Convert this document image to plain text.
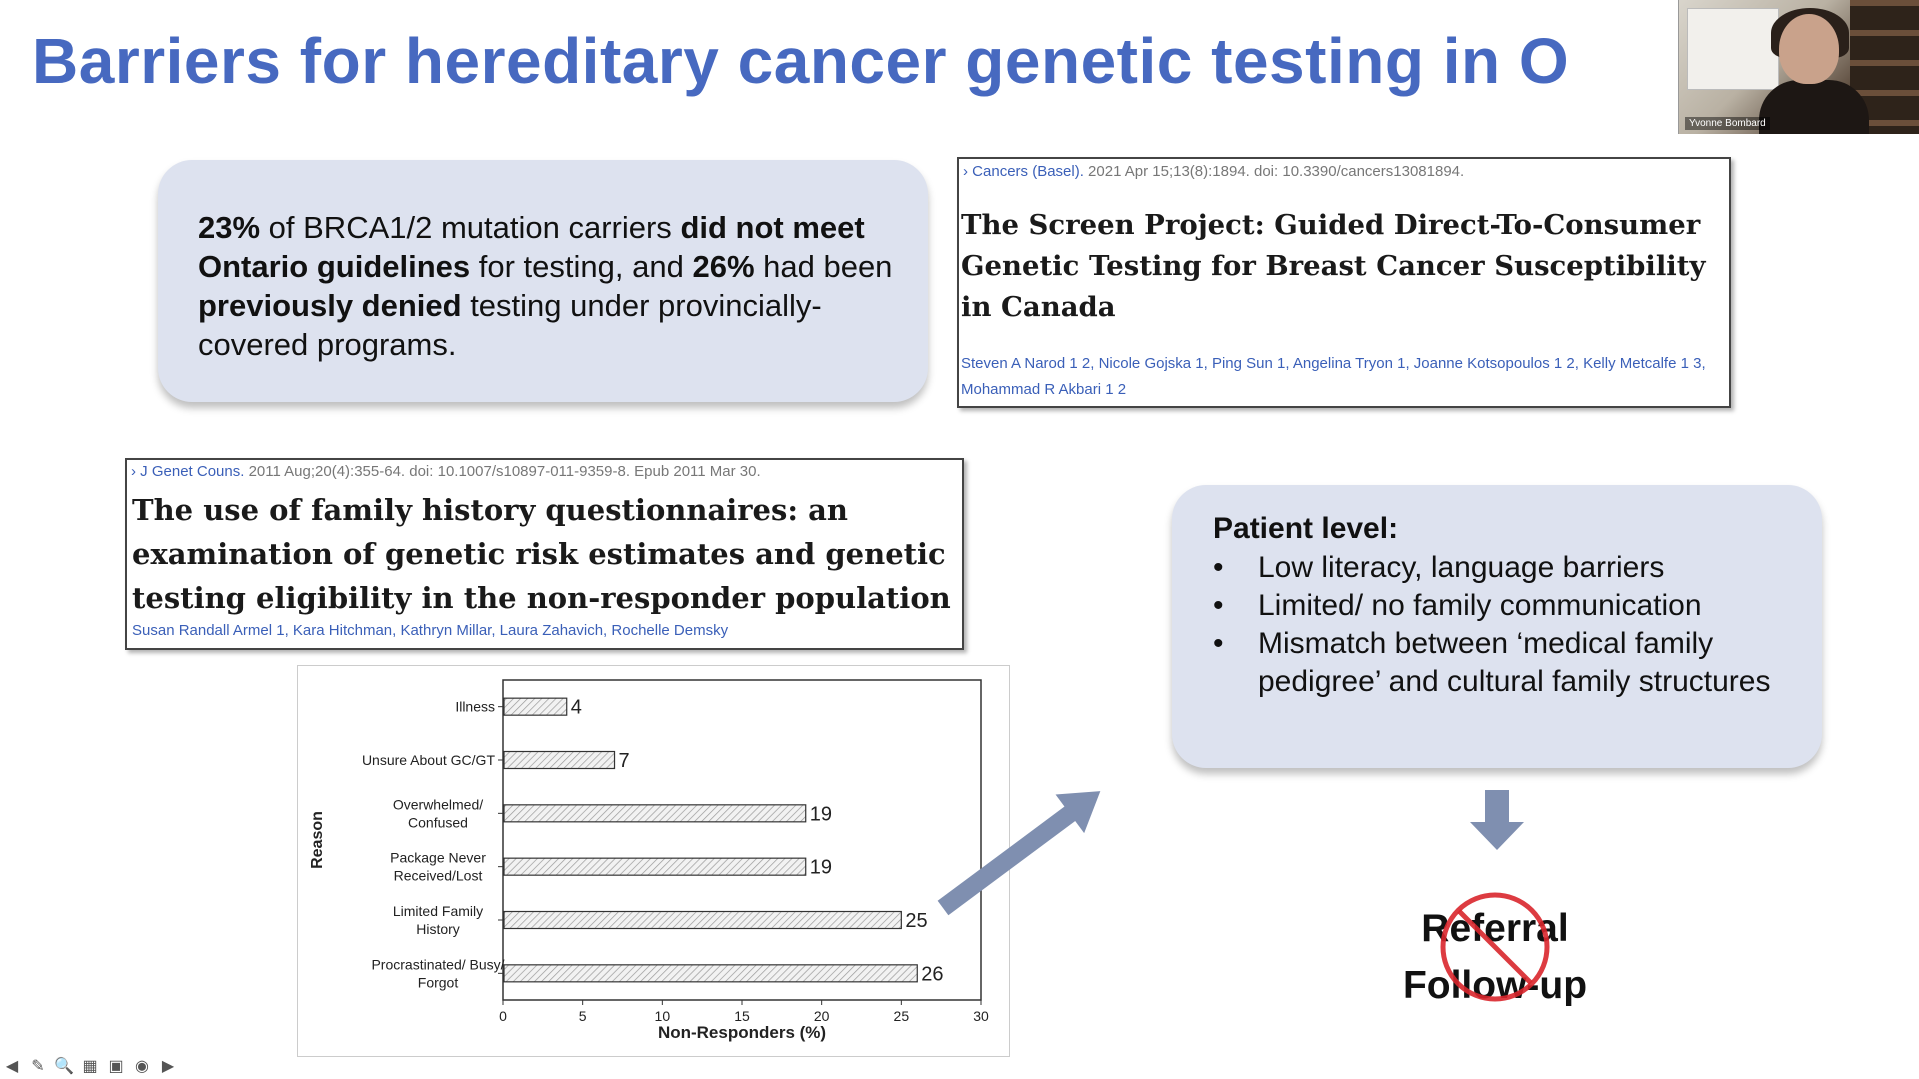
Barriers for hereditary cancer genetic testing in O
Yvonne Bombard

23% of BRCA1/2 mutation carriers did not meet Ontario guidelines for testing, and 26% had been previously denied testing under provincially-covered programs.

› Cancers (Basel). 2021 Apr 15;13(8):1894. doi: 10.3390/cancers13081894.
The Screen Project: Guided Direct-To-Consumer Genetic Testing for Breast Cancer Susceptibility in Canada
Steven A Narod 1 2, Nicole Gojska 1, Ping Sun 1, Angelina Tryon 1, Joanne Kotsopoulos 1 2, Kelly Metcalfe 1 3, Mohammad R Akbari 1 2
› J Genet Couns. 2011 Aug;20(4):355-64. doi: 10.1007/s10897-011-9359-8. Epub 2011 Mar 30.
The use of family history questionnaires: an examination of genetic risk estimates and genetic testing eligibility in the non-responder population
Susan Randall Armel 1, Kara Hitchman, Kathryn Millar, Laura Zahavich, Rochelle Demsky
4
7
19
19
25
26
Illness
Unsure About GC/GT
Overwhelmed/ Confused
Package Never Received/Lost
Limited Family History
Procrastinated/ Busy/ Forgot
0	5	10	15	20	25	30
Non-Responders (%)
Reason
Patient level:
• Low literacy, language barriers
• Limited/ no family communication
• Mismatch between ‘medical family pedigree’ and cultural family structures
Referral
Follow-up
◀ ✎ 🔍 ▦ ▣ ◉ ▶
